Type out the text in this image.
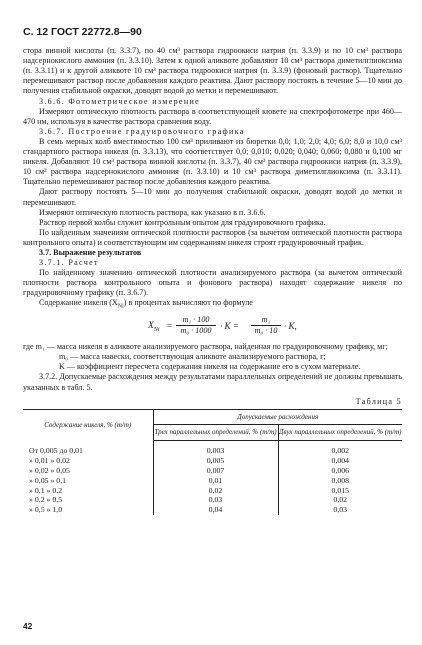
С. 12 ГОСТ 22772.8—90

стора винной кислоты (п. 3.3.7), по 40 см³ раствора гидроокиси натрия (п. 3.3.9) и по 10 см³ раствора надсернокислого аммония (п. 3.3.10). Затем к одной аликвоте добавляют 10 см³ раствора диметилглиоксима (п. 3.3.11) и к другой аликвоте 10 см³ раствора гидроокиси натрия (п. 3.3.9) (фоновый раствор). Тщательно перемешивают раствор после добавления каждого реактива. Дают раствору постоять в течение 5—10 мин до получения стабильной окраски, доводят водой до метки и перемешивают.

3.6.6. Фотометрическое измерение

Измеряют оптическую плотность раствора в соответствующей кювете на спектрофотометре при 460—470 нм, используя в качестве раствора сравнения воду.

3.6.7. Построение градуировочного графика

В семь мерных колб вместимостью 100 см³ приливают из бюретки 0,0; 1,0; 2,0; 4,0; 6,0; 8,0 и 10,0 см³ стандартного раствора никеля (п. 3.3.13), что соответствует 0,0; 0,010; 0,020; 0,040; 0,060; 0,080 и 0,100 мг никеля. Добавляют 10 см³ раствора винной кислоты (п. 3.3.7), 40 см³ раствора гидроокиси натрия (п. 3.3.9), 10 см³ раствора надсернокислого аммония (п. 3.3.10) и 10 см³ раствора диметилглиоксима (п. 3.3.11). Тщательно перемешивают раствор после добавления каждого реактива.

Дают раствору постоять 5—10 мин до получения стабильной окраски, доводят водой до метки и перемешивают.

Измеряют оптическую плотность раствора, как указано в п. 3.6.6.

Раствор первой колбы служит контрольным опытом для градуировочного графика.

По найденным значениям оптической плотности растворов (за вычетом оптической плотности раствора контрольного опыта) и соответствующим им содержаниям никеля строят градуировочный график.

3.7. Выражение результатов

3.7.1. Расчет

По найденному значению оптической плотности анализируемого раствора (за вычетом оптической плотности раствора контрольного опыта и фонового раствора) находят содержание никеля по градуировочному графику (п. 3.6.7).

Содержание никеля $(X_{Ni})$ в процентах вычисляют по формуле

$X_{Ni}$ =
m₁ · 100
m₀ · 1000 · K =
m₁
m₀ · 10 · K,

где m₁ — масса никеля в аликвоте анализируемого раствора, найденная по градуировочному графику, мг;

m₀ — масса навески, соответствующая аликвоте анализируемого раствора, г;

K — коэффициент пересчета содержания никеля на содержание его в сухом материале.

3.7.2. Допускаемые расхождения между результатами параллельных определений не должны превышать указанных в табл. 5.

Таблица 5

Содержание никеля, % (m/m)	Допускаемые расхождения	
	Трех параллельных определений, % (m/m)	Двух параллельных определений, % (m/m)
От 0,005 до 0,01	0,003	0,002
» 0,01 » 0,02	0,005	0,004
» 0,02 » 0,05	0,007	0,006
» 0,05 » 0,1	0,01	0,008
» 0,1 » 0,2	0,02	0,015
» 0,2 » 0,5	0,03	0,02
» 0,5 » 1,0	0,04	0,03
42
